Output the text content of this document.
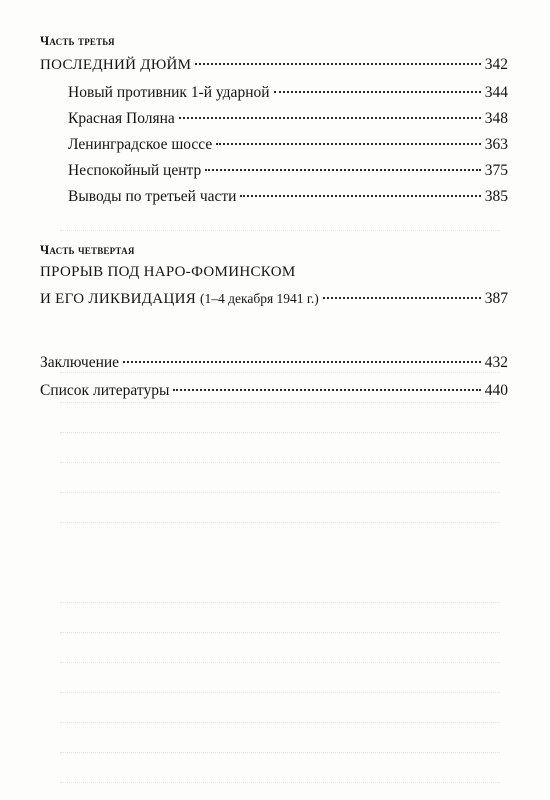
Часть третья
ПОСЛЕДНИЙ ДЮЙМ	342
Новый противник 1-й ударной	344
Красная Поляна	348
Ленинградское шоссе	363
Неспокойный центр	375
Выводы по третьей части	385
Часть четвертая
ПРОРЫВ ПОД НАРО-ФОМИНСКОМ
И ЕГО ЛИКВИДАЦИЯ (1–4 декабря 1941 г.)	387
Заключение	432
Список литературы	440
